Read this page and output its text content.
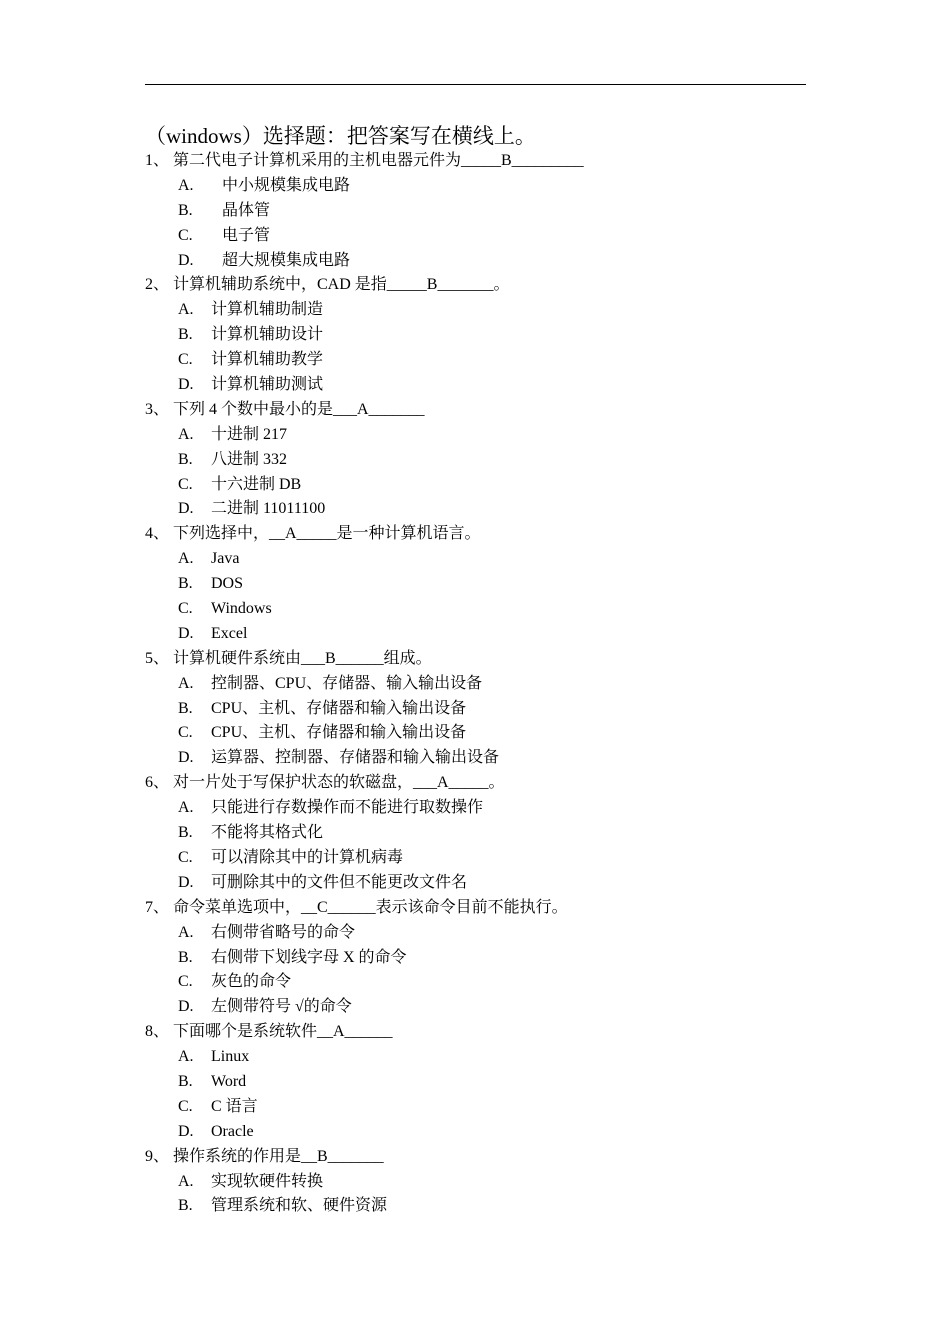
（windows）选择题：把答案写在横线上。
1、 第二代电子计算机采用的主机电器元件为_____B_________
A. 中小规模集成电路
B. 晶体管
C. 电子管
D. 超大规模集成电路
2、 计算机辅助系统中，CAD 是指_____B_______。
A. 计算机辅助制造
B. 计算机辅助设计
C. 计算机辅助教学
D. 计算机辅助测试
3、 下列 4 个数中最小的是___A_______
A. 十进制 217
B. 八进制 332
C. 十六进制 DB
D. 二进制 11011100
4、 下列选择中，__A_____是一种计算机语言。
A. Java
B. DOS
C. Windows
D. Excel
5、 计算机硬件系统由___B______组成。
A. 控制器、CPU、存储器、输入输出设备
B. CPU、主机、存储器和输入输出设备
C. CPU、主机、存储器和输入输出设备
D. 运算器、控制器、存储器和输入输出设备
6、 对一片处于写保护状态的软磁盘，___A_____。
A. 只能进行存数操作而不能进行取数操作
B. 不能将其格式化
C. 可以清除其中的计算机病毒
D. 可删除其中的文件但不能更改文件名
7、 命令菜单选项中，__C______表示该命令目前不能执行。
A. 右侧带省略号的命令
B. 右侧带下划线字母 X 的命令
C. 灰色的命令
D. 左侧带符号 √的命令
8、 下面哪个是系统软件__A______
A. Linux
B. Word
C. C 语言
D. Oracle
9、 操作系统的作用是__B_______
A. 实现软硬件转换
B. 管理系统和软、硬件资源
